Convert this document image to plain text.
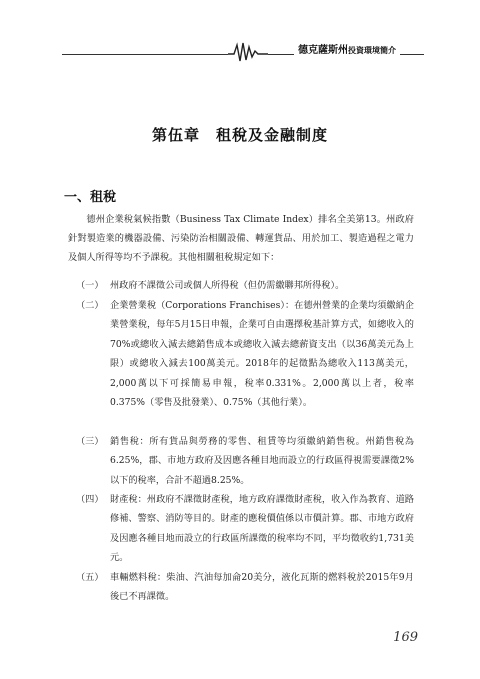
德克薩斯州投資環境簡介
第伍章　租稅及金融制度
一、租稅
德州企業稅氣候指數（Business Tax Climate Index）排名全美第13。州政府針對製造業的機器設備、污染防治相關設備、轉運貨品、用於加工、製造過程之電力及個人所得等均不予課稅。其他相關租稅規定如下：
（一） 州政府不課徵公司或個人所得稅（但仍需繳聯邦所得稅）。
（二） 企業營業稅（Corporations Franchises）：在德州營業的企業均須繳納企業營業稅，每年5月15日申報，企業可自由選擇稅基計算方式，如總收入的70%或總收入減去總銷售成本或總收入減去總薪資支出（以36萬美元為上限）或總收入減去100萬美元。2018年的起徵點為總收入113萬美元，2,000萬以下可採簡易申報，稅率0.331%。2,000萬以上者，稅率0.375%（零售及批發業）、0.75%（其他行業）。
（三） 銷售稅：所有貨品與勞務的零售、租賃等均須繳納銷售稅。州銷售稅為6.25%，郡、市地方政府及因應各種目地而設立的行政區得視需要課徵2%以下的稅率，合計不超過8.25%。
（四） 財產稅：州政府不課徵財產稅，地方政府課徵財產稅，收入作為教育、道路修補、警察、消防等目的。財產的應稅價值係以市價計算。郡、市地方政府及因應各種目地而設立的行政區所課徵的稅率均不同，平均徵收約1,731美元。
（五） 車輛燃料稅：柴油、汽油每加侖20美分，液化瓦斯的燃料稅於2015年9月後已不再課徵。
169
